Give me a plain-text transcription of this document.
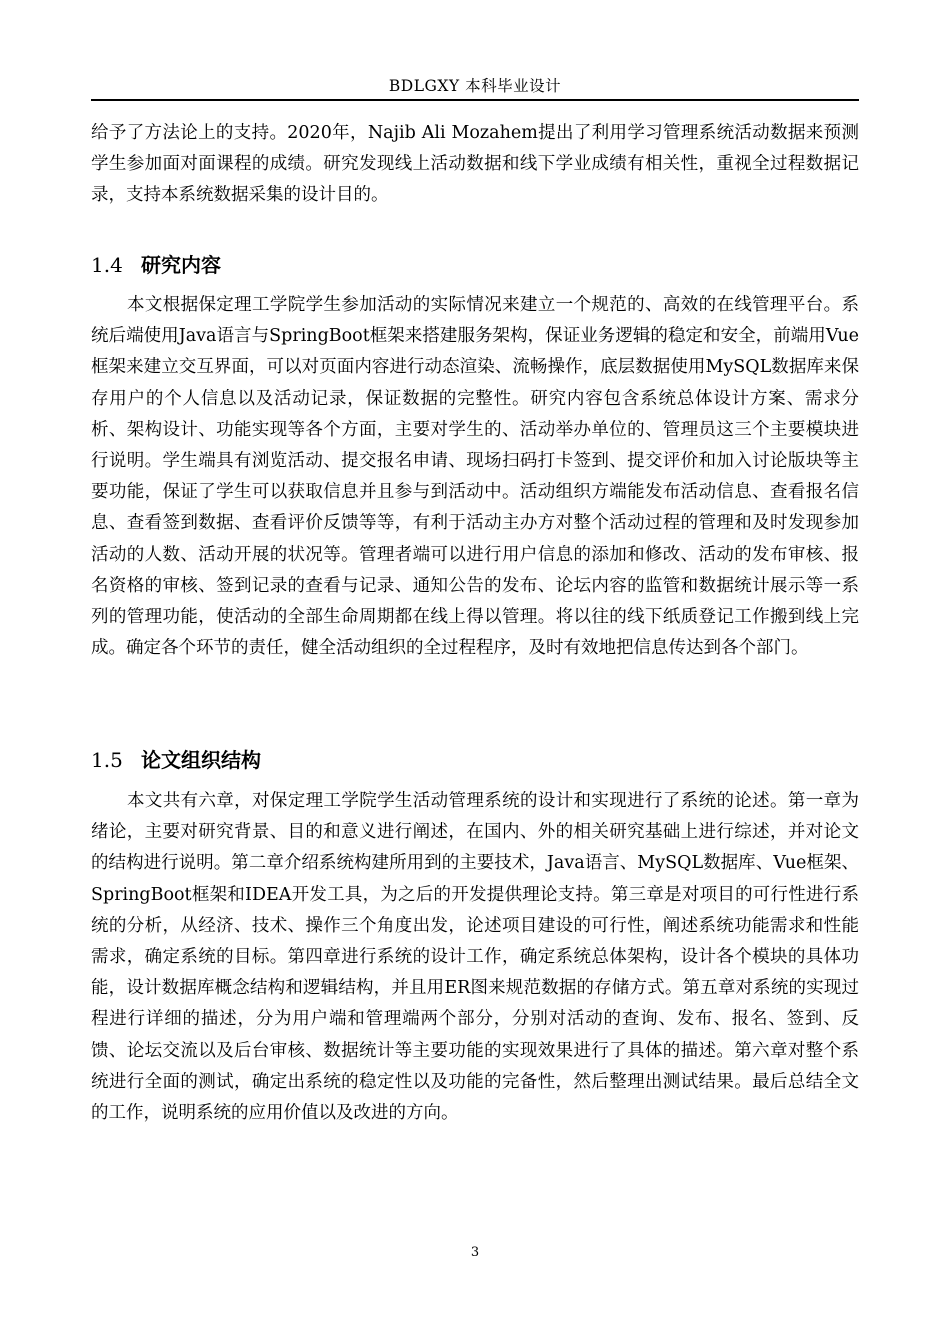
BDLGXY 本科毕业设计

给予了方法论上的支持。2020年，Najib Ali Mozahem提出了利用学习管理系统活动数据来预测学生参加面对面课程的成绩。研究发现线上活动数据和线下学业成绩有相关性，重视全过程数据记录，支持本系统数据采集的设计目的。

1.4 研究内容

本文根据保定理工学院学生参加活动的实际情况来建立一个规范的、高效的在线管理平台。系统后端使用Java语言与SpringBoot框架来搭建服务架构，保证业务逻辑的稳定和安全，前端用Vue框架来建立交互界面，可以对页面内容进行动态渲染、流畅操作，底层数据使用MySQL数据库来保存用户的个人信息以及活动记录，保证数据的完整性。研究内容包含系统总体设计方案、需求分析、架构设计、功能实现等各个方面，主要对学生的、活动举办单位的、管理员这三个主要模块进行说明。学生端具有浏览活动、提交报名申请、现场扫码打卡签到、提交评价和加入讨论版块等主要功能，保证了学生可以获取信息并且参与到活动中。活动组织方端能发布活动信息、查看报名信息、查看签到数据、查看评价反馈等等，有利于活动主办方对整个活动过程的管理和及时发现参加活动的人数、活动开展的状况等。管理者端可以进行用户信息的添加和修改、活动的发布审核、报名资格的审核、签到记录的查看与记录、通知公告的发布、论坛内容的监管和数据统计展示等一系列的管理功能，使活动的全部生命周期都在线上得以管理。将以往的线下纸质登记工作搬到线上完成。确定各个环节的责任，健全活动组织的全过程程序，及时有效地把信息传达到各个部门。

1.5 论文组织结构

本文共有六章，对保定理工学院学生活动管理系统的设计和实现进行了系统的论述。第一章为绪论，主要对研究背景、目的和意义进行阐述，在国内、外的相关研究基础上进行综述，并对论文的结构进行说明。第二章介绍系统构建所用到的主要技术，Java语言、MySQL数据库、Vue框架、SpringBoot框架和IDEA开发工具，为之后的开发提供理论支持。第三章是对项目的可行性进行系统的分析，从经济、技术、操作三个角度出发，论述项目建设的可行性，阐述系统功能需求和性能需求，确定系统的目标。第四章进行系统的设计工作，确定系统总体架构，设计各个模块的具体功能，设计数据库概念结构和逻辑结构，并且用ER图来规范数据的存储方式。第五章对系统的实现过程进行详细的描述，分为用户端和管理端两个部分，分别对活动的查询、发布、报名、签到、反馈、论坛交流以及后台审核、数据统计等主要功能的实现效果进行了具体的描述。第六章对整个系统进行全面的测试，确定出系统的稳定性以及功能的完备性，然后整理出测试结果。最后总结全文的工作，说明系统的应用价值以及改进的方向。

3
